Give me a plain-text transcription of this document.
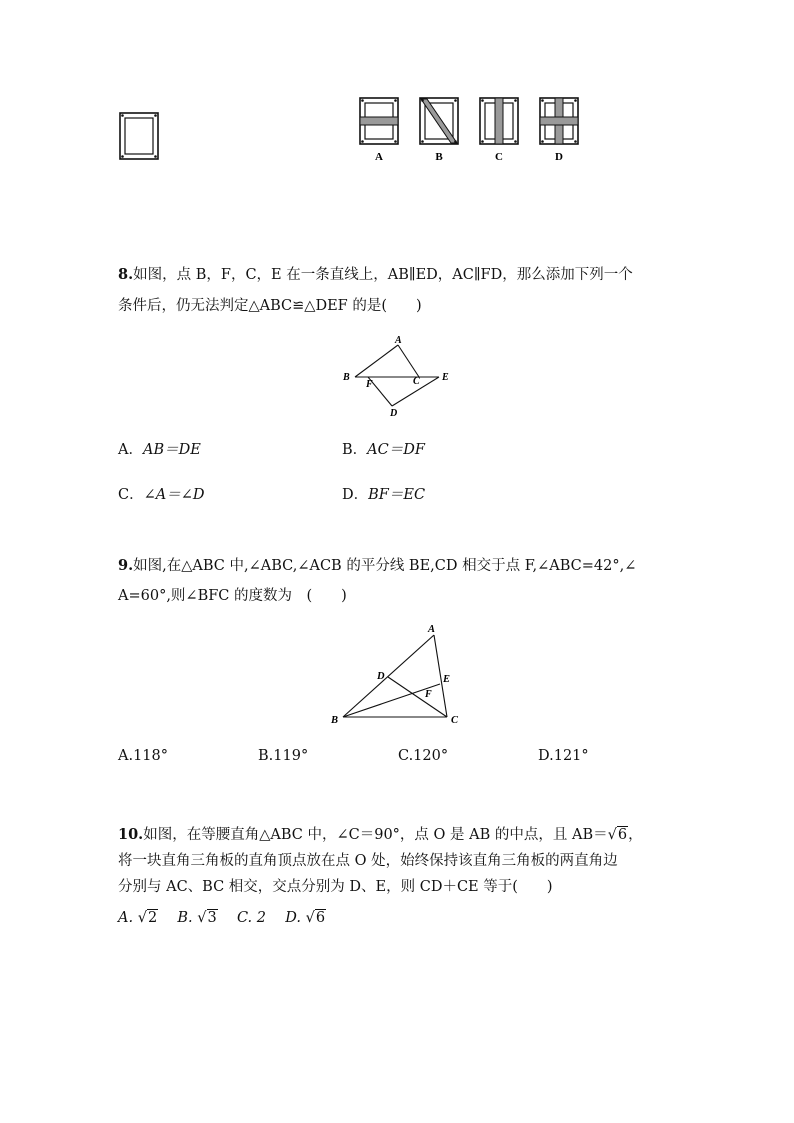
A	B	C	D
8.如图，点 B，F，C，E 在一条直线上，AB∥ED，AC∥FD，那么添加下列一个
条件后，仍无法判定△ABC≌△DEF 的是(　　)
A
B
F	C E
D
A．AB＝DE	B．AC＝DF
C．∠A＝∠D	D．BF＝EC
9.如图,在△ABC 中,∠ABC,∠ACB 的平分线 BE,CD 相交于点 F,∠ABC=42°,∠
A=60°,则∠BFC 的度数为　(　　)
A
D	E
F
B	C
A.118°	B.119°	C.120°	D.121°
10.如图，在等腰直角△ABC 中，∠C＝90°，点 O 是 AB 的中点，且 AB＝√6，
将一块直角三角板的直角顶点放在点 O 处，始终保持该直角三角板的两直角边
分别与 AC、BC 相交，交点分别为 D、E，则 CD＋CE 等于(　　)
A. √2 B. √3 C. 2 D. √6
